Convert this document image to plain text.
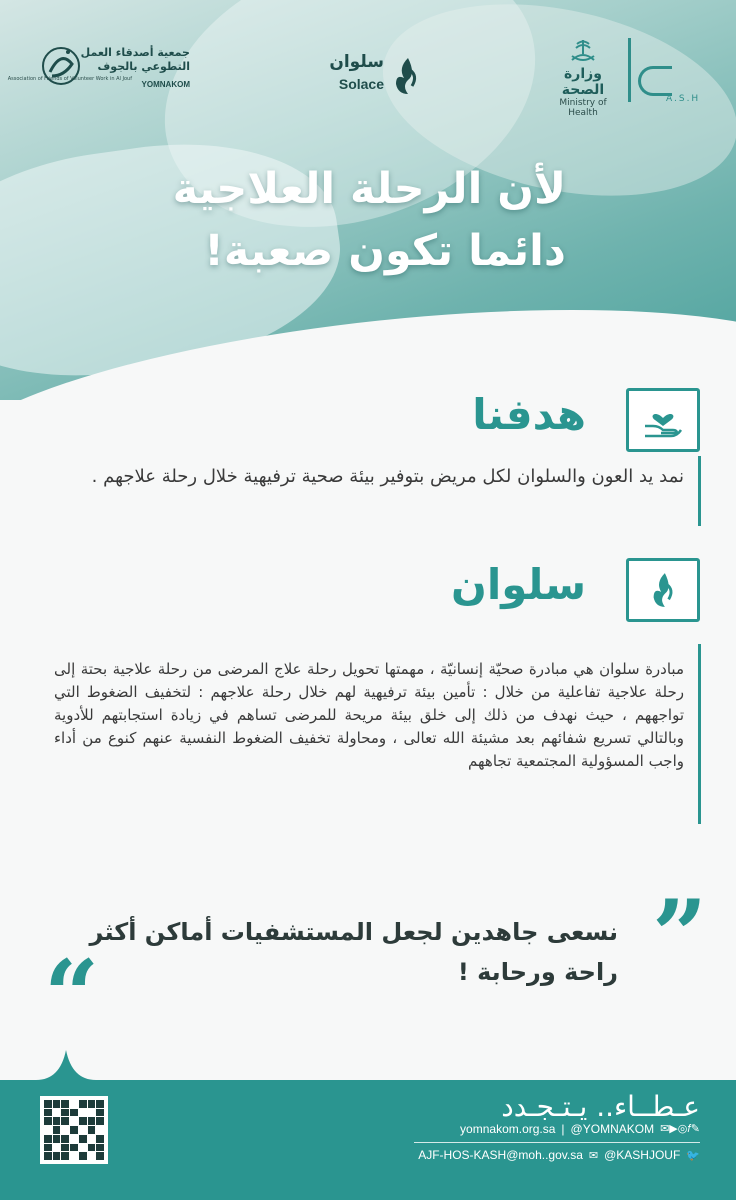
A.S.H
وزارة الصحة
Ministry of Health
سلوان
Solace
جمعية أصدقاء العمل
التطوعي بالجوف
Association of Friends of Volunteer Work in Al Jouf
YOMNAKOM
لأن الرحلة العلاجية
دائما تكون صعبة!
هدفنا
نمد يد العون والسلوان لكل مريض بتوفير بيئة صحية ترفيهية خلال رحلة علاجهم .
سلوان
مبادرة سلوان هي مبادرة صحيّة إنسانيّة ، مهمتها تحويل رحلة علاج المرضى من رحلة علاجية بحتة إلى رحلة علاجية تفاعلية من خلال : تأمين بيئة ترفيهية لهم خلال رحلة علاجهم : لتخفيف الضغوط التي تواجههم ، حيث نهدف من ذلك إلى خلق بيئة مريحة للمرضى تساهم في زيادة استجابتهم للأدوية وبالتالي تسريع شفائهم بعد مشيئة الله تعالى ، ومحاولة تخفيف الضغوط النفسية عنهم كنوع من أداء واجب المسؤولية المجتمعية تجاههم
”
نسعى جاهدين لجعل المستشفيات أماكن أكثر راحة ورحابة !
“
عـطــاء.. يـتـجـدد
yomnakom.org.sa | @YOMNAKOM ✉▶◎𝑓✎
AJF-HOS-KASH@moh..gov.sa ✉ @KASHJOUF 🐦
